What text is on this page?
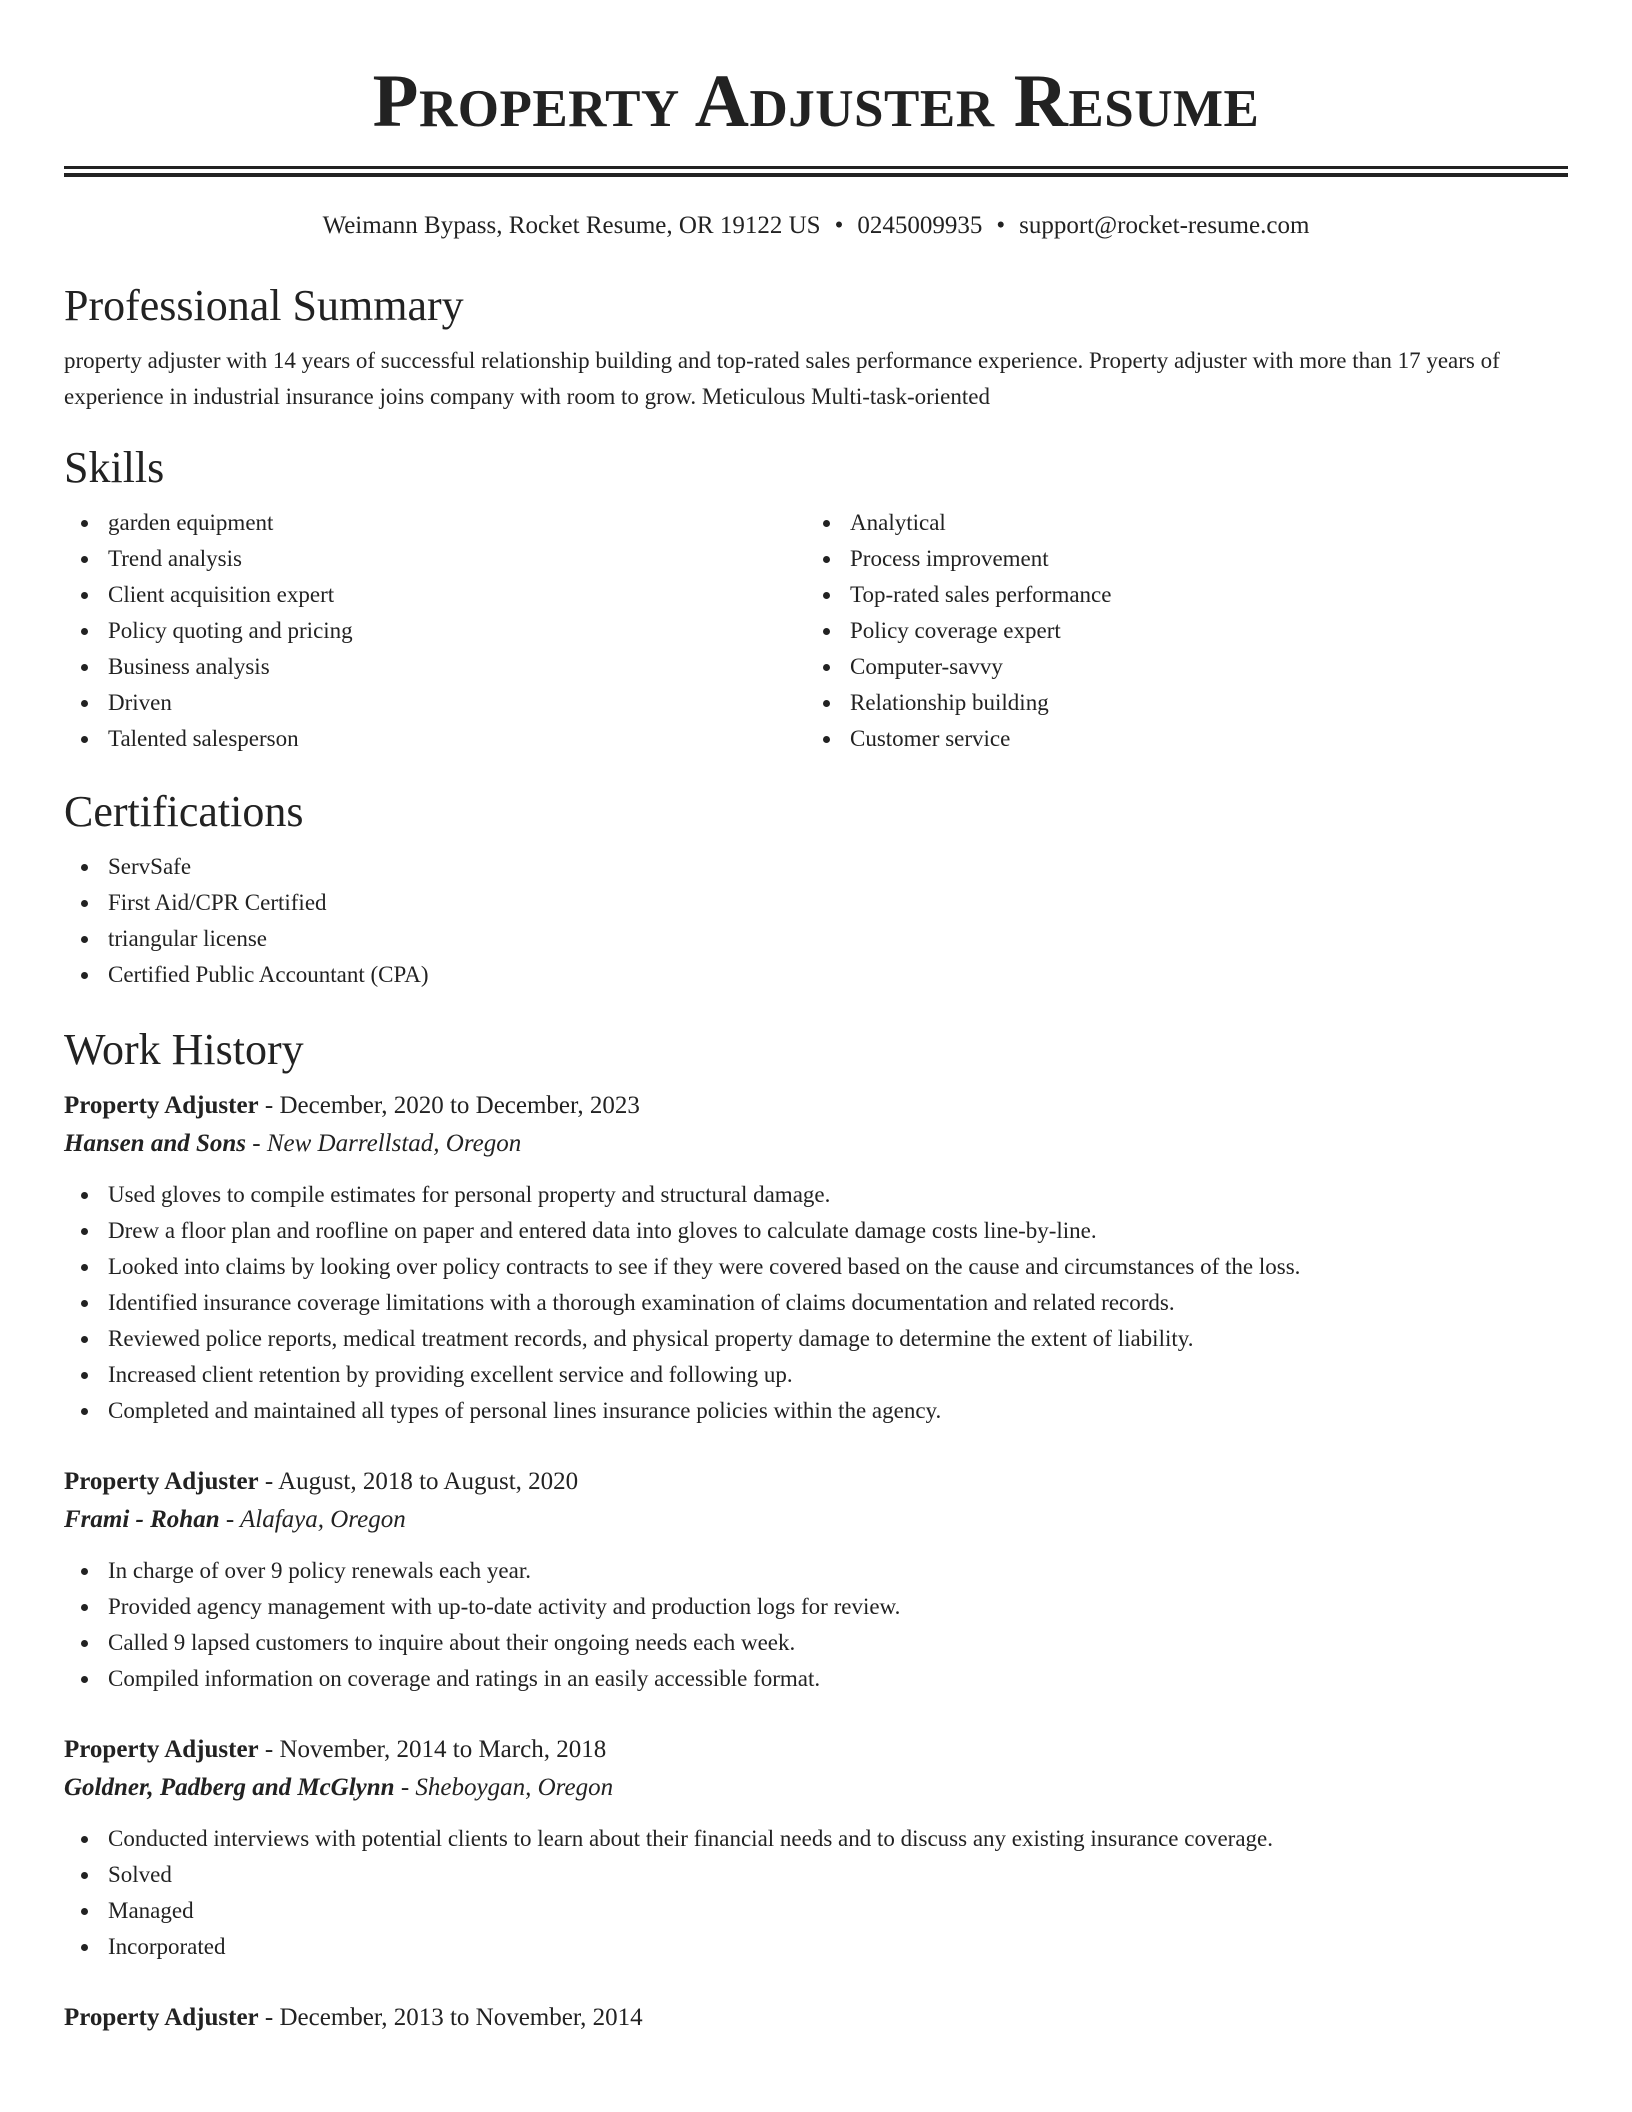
Property Adjuster Resume
Weimann Bypass, Rocket Resume, OR 19122 US • 0245009935 • support@rocket-resume.com
Professional Summary

property adjuster with 14 years of successful relationship building and top-rated sales performance experience. Property adjuster with more than 17 years of experience in industrial insurance joins company with room to grow. Meticulous Multi-task-oriented

Skills
garden equipment
Trend analysis
Client acquisition expert
Policy quoting and pricing
Business analysis
Driven
Talented salesperson
Analytical
Process improvement
Top-rated sales performance
Policy coverage expert
Computer-savvy
Relationship building
Customer service
Certifications
ServSafe
First Aid/CPR Certified
triangular license
Certified Public Accountant (CPA)
Work History
Property Adjuster - December, 2020 to December, 2023
Hansen and Sons - New Darrellstad, Oregon
Used gloves to compile estimates for personal property and structural damage.
Drew a floor plan and roofline on paper and entered data into gloves to calculate damage costs line-by-line.
Looked into claims by looking over policy contracts to see if they were covered based on the cause and circumstances of the loss.
Identified insurance coverage limitations with a thorough examination of claims documentation and related records.
Reviewed police reports, medical treatment records, and physical property damage to determine the extent of liability.
Increased client retention by providing excellent service and following up.
Completed and maintained all types of personal lines insurance policies within the agency.
Property Adjuster - August, 2018 to August, 2020
Frami - Rohan - Alafaya, Oregon
In charge of over 9 policy renewals each year.
Provided agency management with up-to-date activity and production logs for review.
Called 9 lapsed customers to inquire about their ongoing needs each week.
Compiled information on coverage and ratings in an easily accessible format.
Property Adjuster - November, 2014 to March, 2018
Goldner, Padberg and McGlynn - Sheboygan, Oregon
Conducted interviews with potential clients to learn about their financial needs and to discuss any existing insurance coverage.
Solved
Managed
Incorporated
Property Adjuster - December, 2013 to November, 2014
